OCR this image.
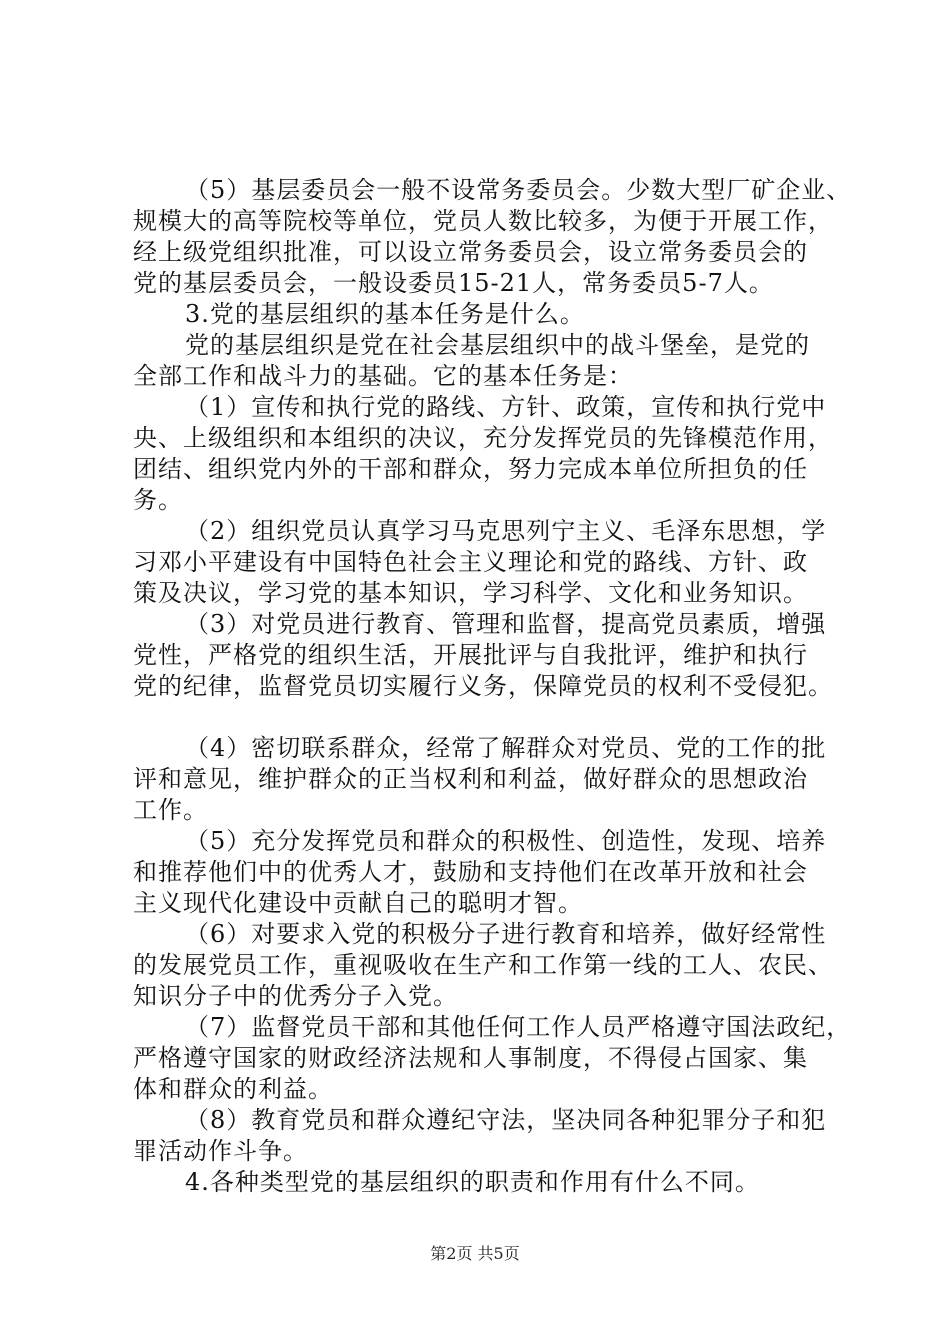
（5）基层委员会一般不设常务委员会。少数大型厂矿企业、
规模大的高等院校等单位，党员人数比较多，为便于开展工作，
经上级党组织批准，可以设立常务委员会，设立常务委员会的
党的基层委员会，一般设委员15-21人，常务委员5-7人。
3.党的基层组织的基本任务是什么。
党的基层组织是党在社会基层组织中的战斗堡垒，是党的
全部工作和战斗力的基础。它的基本任务是：
（1）宣传和执行党的路线、方针、政策，宣传和执行党中
央、上级组织和本组织的决议，充分发挥党员的先锋模范作用，
团结、组织党内外的干部和群众，努力完成本单位所担负的任
务。
（2）组织党员认真学习马克思列宁主义、毛泽东思想，学
习邓小平建设有中国特色社会主义理论和党的路线、方针、政
策及决议，学习党的基本知识，学习科学、文化和业务知识。
（3）对党员进行教育、管理和监督，提高党员素质，增强
党性，严格党的组织生活，开展批评与自我批评，维护和执行
党的纪律，监督党员切实履行义务，保障党员的权利不受侵犯。
（4）密切联系群众，经常了解群众对党员、党的工作的批
评和意见，维护群众的正当权利和利益，做好群众的思想政治
工作。
（5）充分发挥党员和群众的积极性、创造性，发现、培养
和推荐他们中的优秀人才，鼓励和支持他们在改革开放和社会
主义现代化建设中贡献自己的聪明才智。
（6）对要求入党的积极分子进行教育和培养，做好经常性
的发展党员工作，重视吸收在生产和工作第一线的工人、农民、
知识分子中的优秀分子入党。
（7）监督党员干部和其他任何工作人员严格遵守国法政纪，
严格遵守国家的财政经济法规和人事制度，不得侵占国家、集
体和群众的利益。
（8）教育党员和群众遵纪守法，坚决同各种犯罪分子和犯
罪活动作斗争。
4.各种类型党的基层组织的职责和作用有什么不同。
第2页 共5页
